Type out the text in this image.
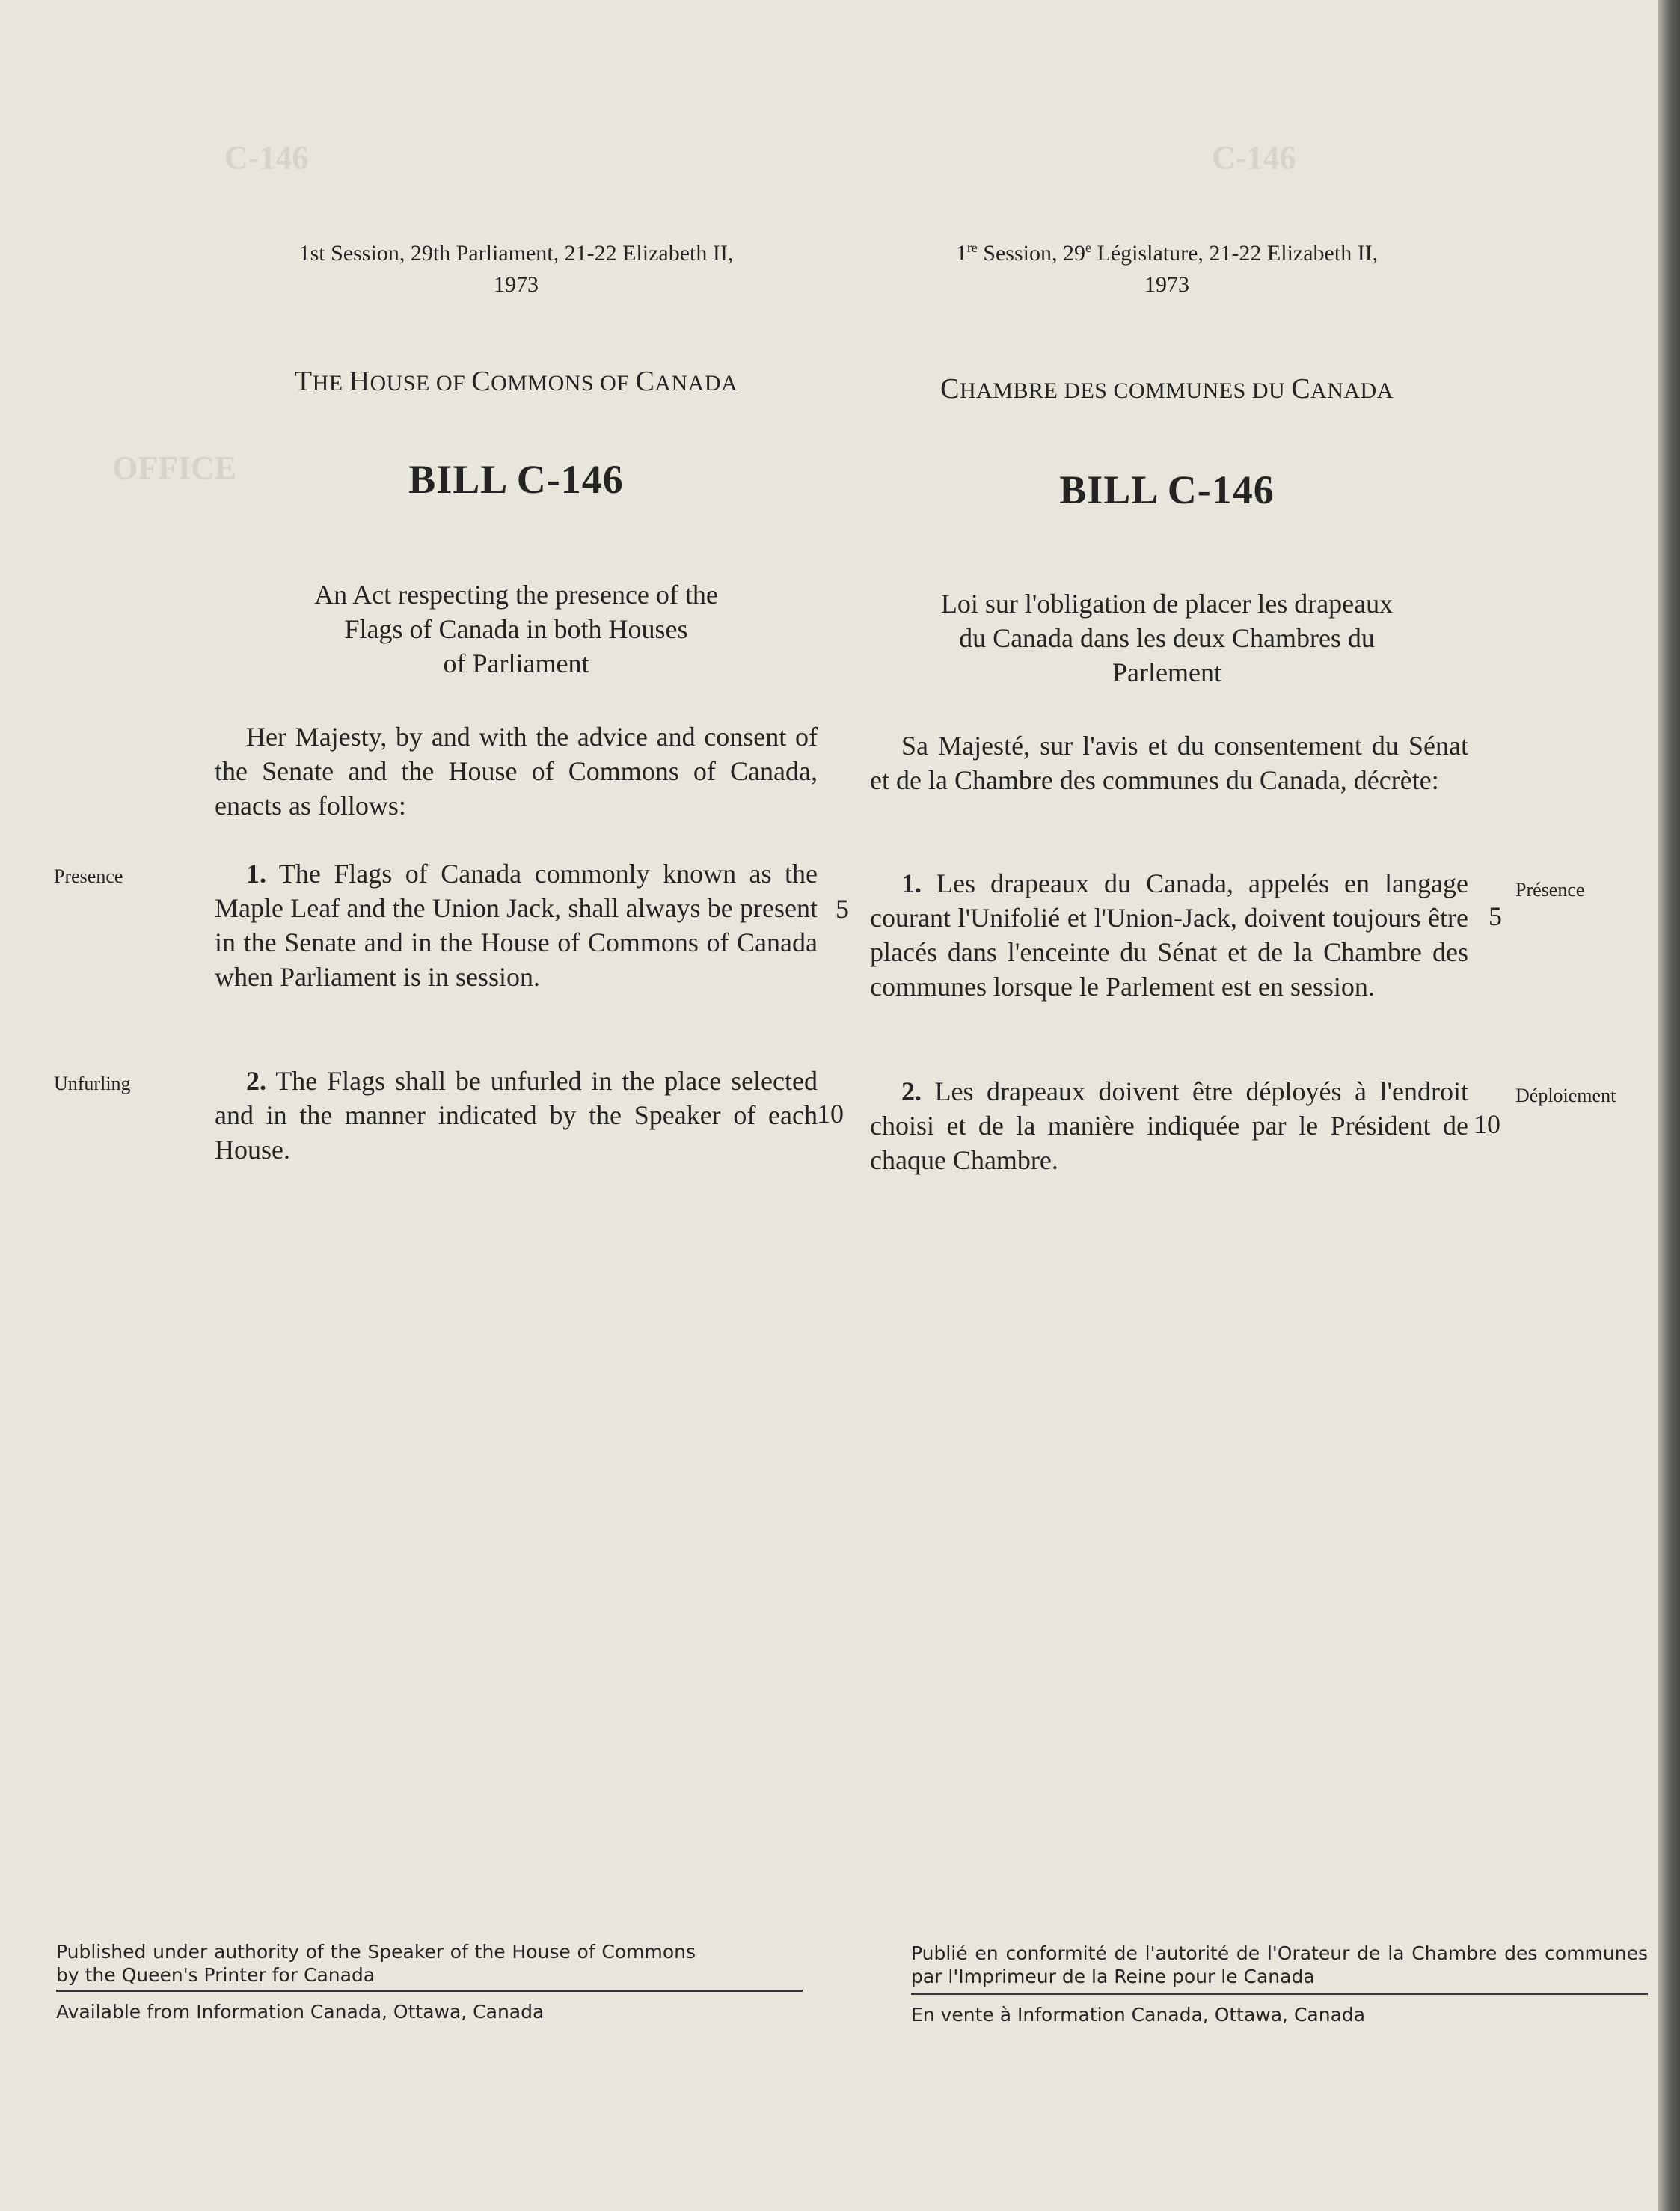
C-146	C-146
OFFICE
1st Session, 29th Parliament, 21-22 Elizabeth II,
1973
THE HOUSE OF COMMONS OF CANADA
BILL C-146
An Act respecting the presence of the
Flags of Canada in both Houses
of Parliament
Her Majesty, by and with the advice and consent of the Senate and the House of Commons of Canada, enacts as follows:
Presence	1. The Flags of Canada commonly known as the Maple Leaf and the Union Jack, shall always be present in the Senate and in the House of Commons of Canada when Parliament is in session.
5
Unfurling	2. The Flags shall be unfurled in the place selected and in the manner indicated by the Speaker of each House.
10
1re Session, 29e Législature, 21-22 Elizabeth II,
1973
CHAMBRE DES COMMUNES DU CANADA
BILL C-146
Loi sur l'obligation de placer les drapeaux
du Canada dans les deux Chambres du
Parlement
Sa Majesté, sur l'avis et du consentement du Sénat et de la Chambre des communes du Canada, décrète:
1. Les drapeaux du Canada, appelés en langage courant l'Unifolié et l'Union-Jack, doivent toujours être placés dans l'enceinte du Sénat et de la Chambre des communes lorsque le Parlement est en session.
5
Présence
2. Les drapeaux doivent être déployés à l'endroit choisi et de la manière indiquée par le Président de chaque Chambre.
10
Déploiement
Published under authority of the Speaker of the House of Commons by the Queen's Printer for Canada
Available from Information Canada, Ottawa, Canada
Publié en conformité de l'autorité de l'Orateur de la Chambre des communes par l'Imprimeur de la Reine pour le Canada
En vente à Information Canada, Ottawa, Canada
